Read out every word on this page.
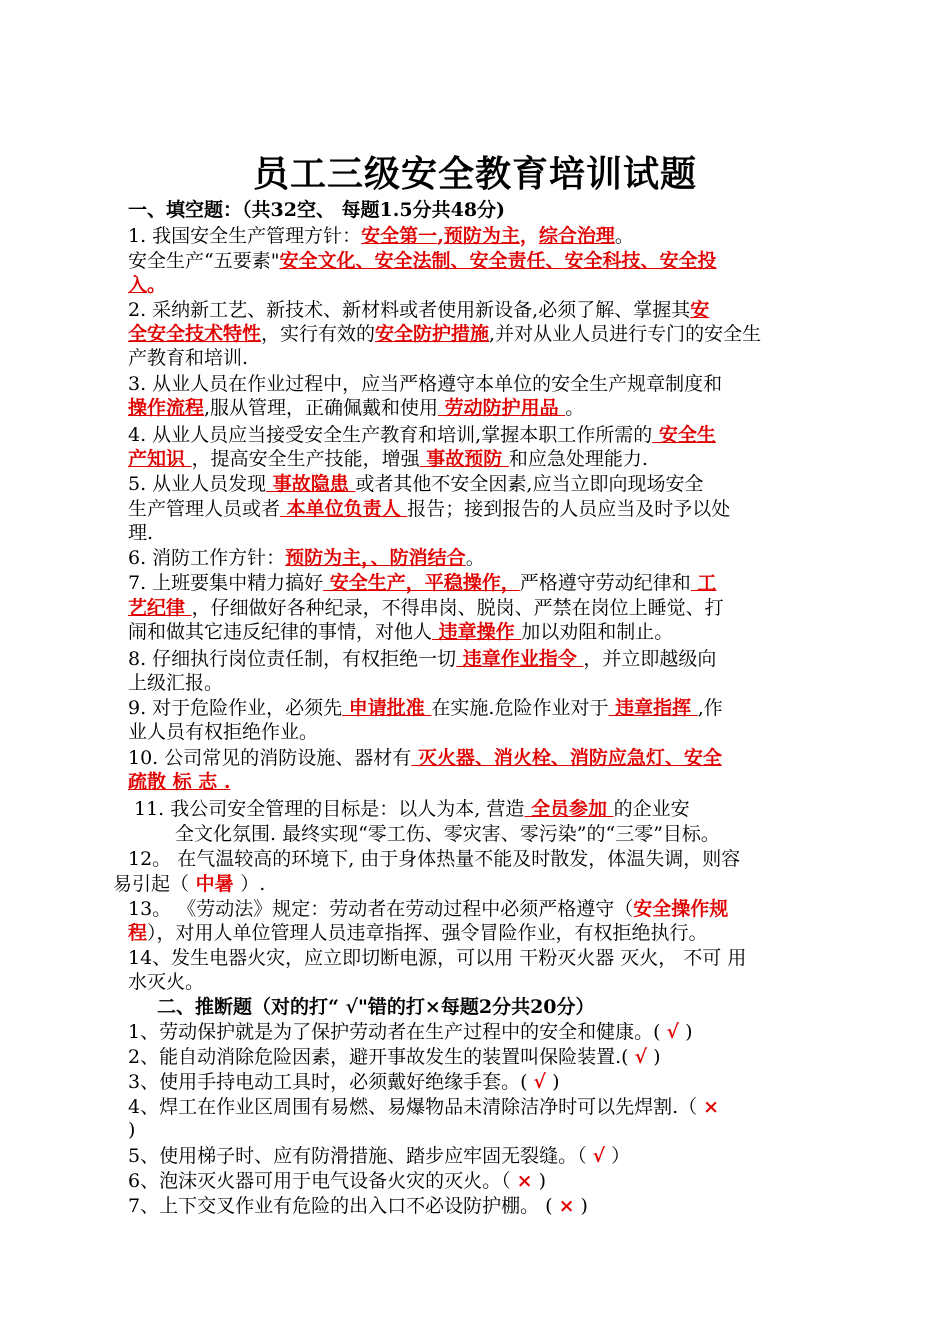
员工三级安全教育培训试题
一、填空题：（共32空、 每题1.5分共48分)
1. 我国安全生产管理方针：安全第一,预防为主，综合治理。
安全生产“五要素"安全文化、安全法制、安全责任、安全科技、安全投
入。
2. 采纳新工艺、新技术、新材料或者使用新设备,必须了解、掌握其安
全安全技术特性，实行有效的安全防护措施,并对从业人员进行专门的安全生
产教育和培训.
3. 从业人员在作业过程中，应当严格遵守本单位的安全生产规章制度和
操作流程,服从管理，正确佩戴和使用 劳动防护用品 。
4. 从业人员应当接受安全生产教育和培训,掌握本职工作所需的 安全生
产知识 ，提高安全生产技能，增强 事故预防 和应急处理能力.
5. 从业人员发现 事故隐患 或者其他不安全因素,应当立即向现场安全
生产管理人员或者 本单位负责人 报告；接到报告的人员应当及时予以处
理.
6. 消防工作方针：预防为主，、防消结合。
7. 上班要集中精力搞好 安全生产，平稳操作，严格遵守劳动纪律和 工
艺纪律 ，仔细做好各种纪录，不得串岗、脱岗、严禁在岗位上睡觉、打
闹和做其它违反纪律的事情，对他人 违章操作 加以劝阻和制止。
8. 仔细执行岗位责任制，有权拒绝一切 违章作业指令 ，并立即越级向
上级汇报。
9. 对于危险作业，必须先 申请批准 在实施.危险作业对于 违章指挥 ,作
业人员有权拒绝作业。
10. 公司常见的消防设施、器材有 灭火器、消火栓、消防应急灯、安全
疏散 标 志 .
11. 我公司安全管理的目标是：以人为本, 营造 全员参加 的企业安
全文化氛围. 最终实现“零工伤、零灾害、零污染”的“三零”目标。
12。 在气温较高的环境下, 由于身体热量不能及时散发，体温失调，则容
易引起（ 中暑 ）.
13。 《劳动法》规定：劳动者在劳动过程中必须严格遵守（安全操作规
程），对用人单位管理人员违章指挥、强令冒险作业，有权拒绝执行。
14、发生电器火灾，应立即切断电源，可以用 干粉灭火器 灭火， 不可 用
水灭火。
二、推断题（对的打“ √"错的打×每题2分共20分）
1、劳动保护就是为了保护劳动者在生产过程中的安全和健康。( √ )
2、能自动消除危险因素，避开事故发生的装置叫保险装置.( √ )
3、使用手持电动工具时，必须戴好绝缘手套。( √ )
4、焊工在作业区周围有易燃、易爆物品未清除洁净时可以先焊割.（ ×
)
5、使用梯子时、应有防滑措施、踏步应牢固无裂缝。（ √ ）
6、泡沫灭火器可用于电气设备火灾的灭火。（ × )
7、上下交叉作业有危险的出入口不必设防护棚。 ( × )
